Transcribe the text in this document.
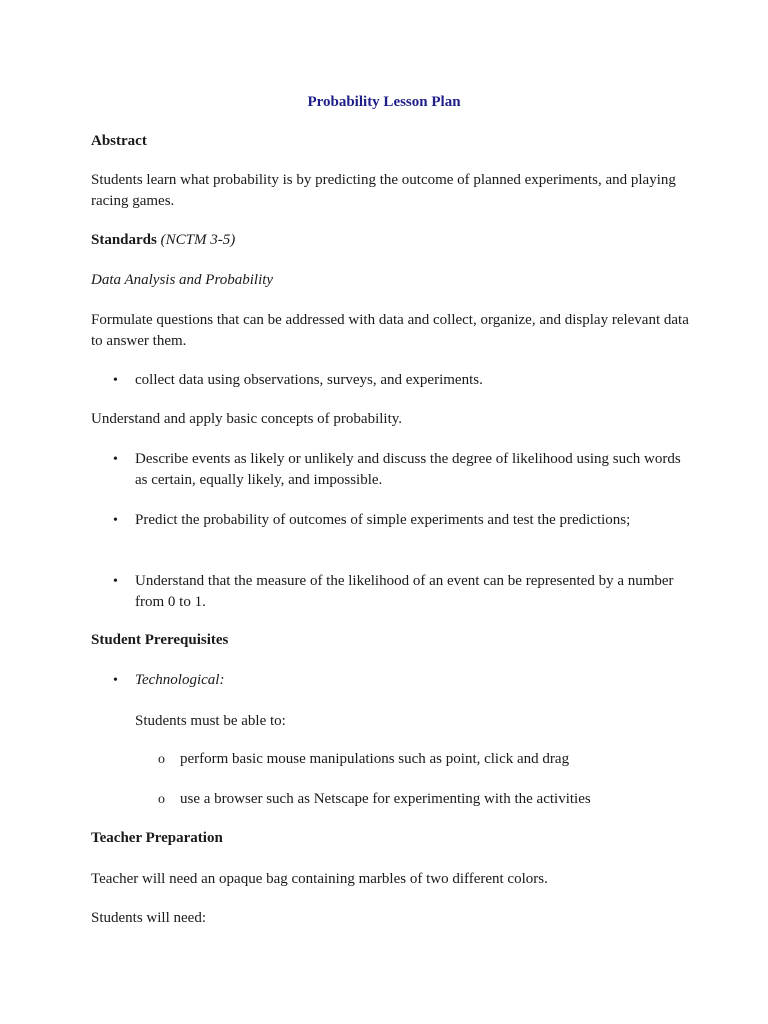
Probability Lesson Plan

Abstract

Students learn what probability is by predicting the outcome of planned experiments, and playing racing games.

Standards (NCTM 3-5)

Data Analysis and Probability

Formulate questions that can be addressed with data and collect, organize, and display relevant data to answer them.

•	collect data using observations, surveys, and experiments.

Understand and apply basic concepts of probability.

•	Describe events as likely or unlikely and discuss the degree of likelihood using such words as certain, equally likely, and impossible.

•	Predict the probability of outcomes of simple experiments and test the predictions;

•	Understand that the measure of the likelihood of an event can be represented by a number from 0 to 1.

Student Prerequisites

•	Technological:

Students must be able to:

o	perform basic mouse manipulations such as point, click and drag

o	use a browser such as Netscape for experimenting with the activities

Teacher Preparation

Teacher will need an opaque bag containing marbles of two different colors.

Students will need:
